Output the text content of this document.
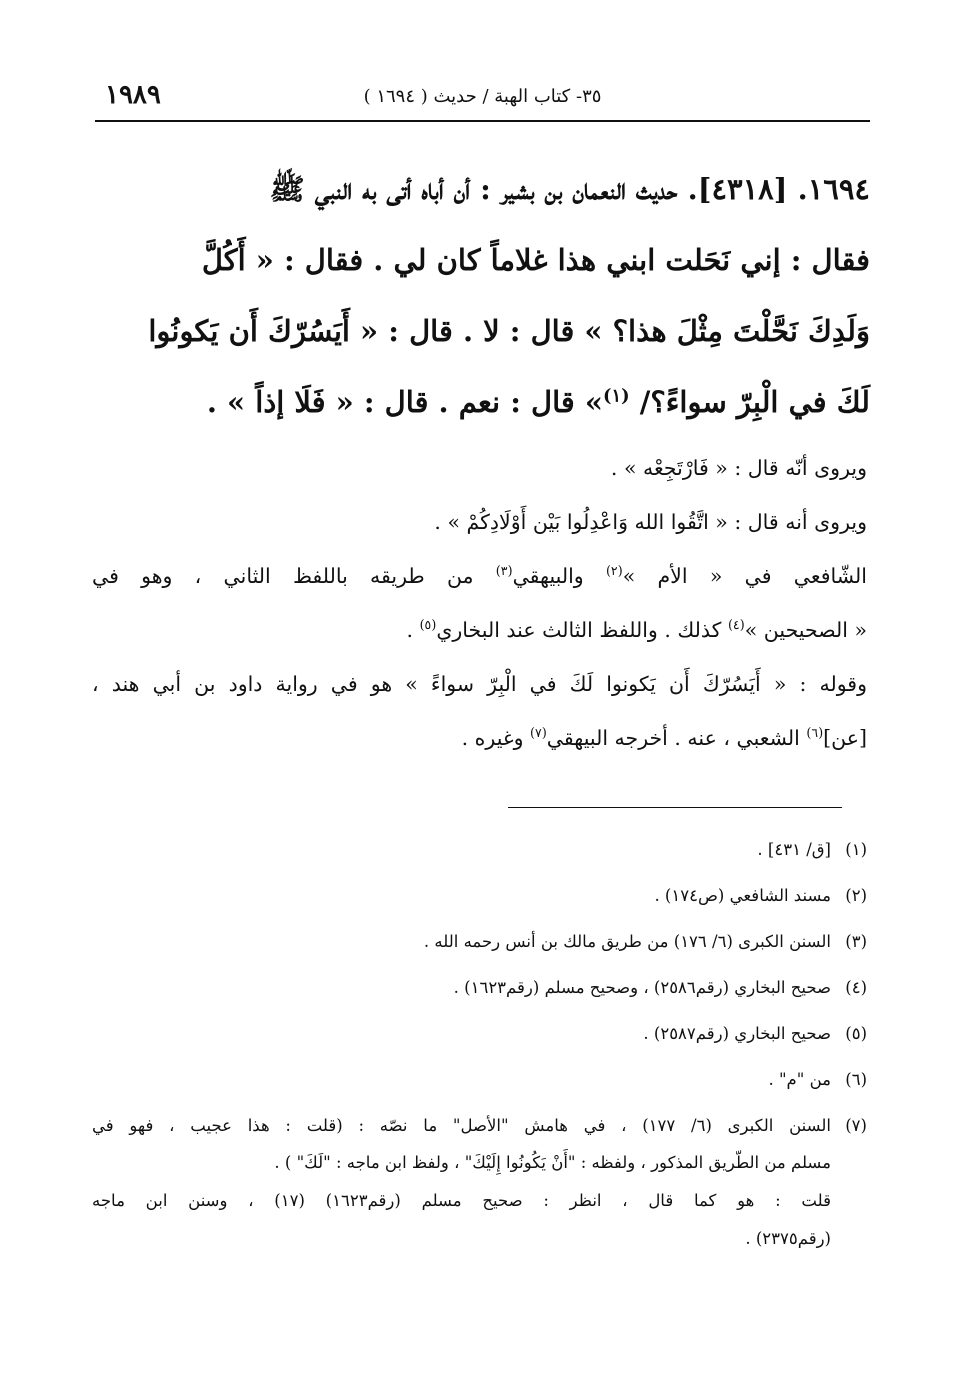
١٩٨٩	٣٥- كتاب الهبة / حديث ( ١٦٩٤ )
١٦٩٤. [٤٣١٨]. حديث النعمان بن بشير : أن أباه أتى به النبي ﷺ
فقال : إني نَحَلت ابني هذا غلاماً كان لي . فقال : « أَكُلَّ
وَلَدِكَ نَحَّلْتَ مِثْلَ هذا؟ » قال : لا . قال : « أَيَسُرّكَ أَن يَكونُوا
لَكَ في الْبِرّ سواءً؟/ $^{(١)}$» قال : نعم . قال : « فَلَا إذاً » .
ويروى أنّه قال : « فَارْتَجِعْه » .
ويروى أنه قال : « اتَّقُوا الله وَاعْدِلُوا بَيْن أَوْلَادِكُمْ » .
الشّافعي في « الأم »$^{(٢)}$ والبيهقي$^{(٣)}$ من طريقه باللفظ الثاني ، وهو في
« الصحيحين »$^{(٤)}$ كذلك . واللفظ الثالث عند البخاري$^{(٥)}$ .
وقوله : « أَيَسُرّكَ أَن يَكونوا لَكَ في الْبِرّ سواءً » هو في رواية داود بن أبي هند ،
[عن]$^{(٦)}$ الشعبي ، عنه . أخرجه البيهقي$^{(٧)}$ وغيره .
(١)[ق/ ٤٣١] .
(٢)مسند الشافعي (ص١٧٤) .
(٣)السنن الكبرى (٦/ ١٧٦) من طريق مالك بن أنس رحمه الله .
(٤)صحيح البخاري (رقم٢٥٨٦) ، وصحيح مسلم (رقم١٦٢٣) .
(٥)صحيح البخاري (رقم٢٥٨٧) .
(٦)من "م" .
(٧)السنن الكبرى (٦/ ١٧٧) ، في هامش "الأصل" ما نصّه : (قلت : هذا عجيب ، فهو في
مسلم من الطّريق المذكور ، ولفظه : "أَنْ يَكُونُوا إِلَيْكَ" ، ولفظ ابن ماجه : "لَكَ" ) .
قلت : هو كما قال ، انظر : صحيح مسلم (رقم١٦٢٣) (١٧) ، وسنن ابن ماجه
(رقم٢٣٧٥) .
